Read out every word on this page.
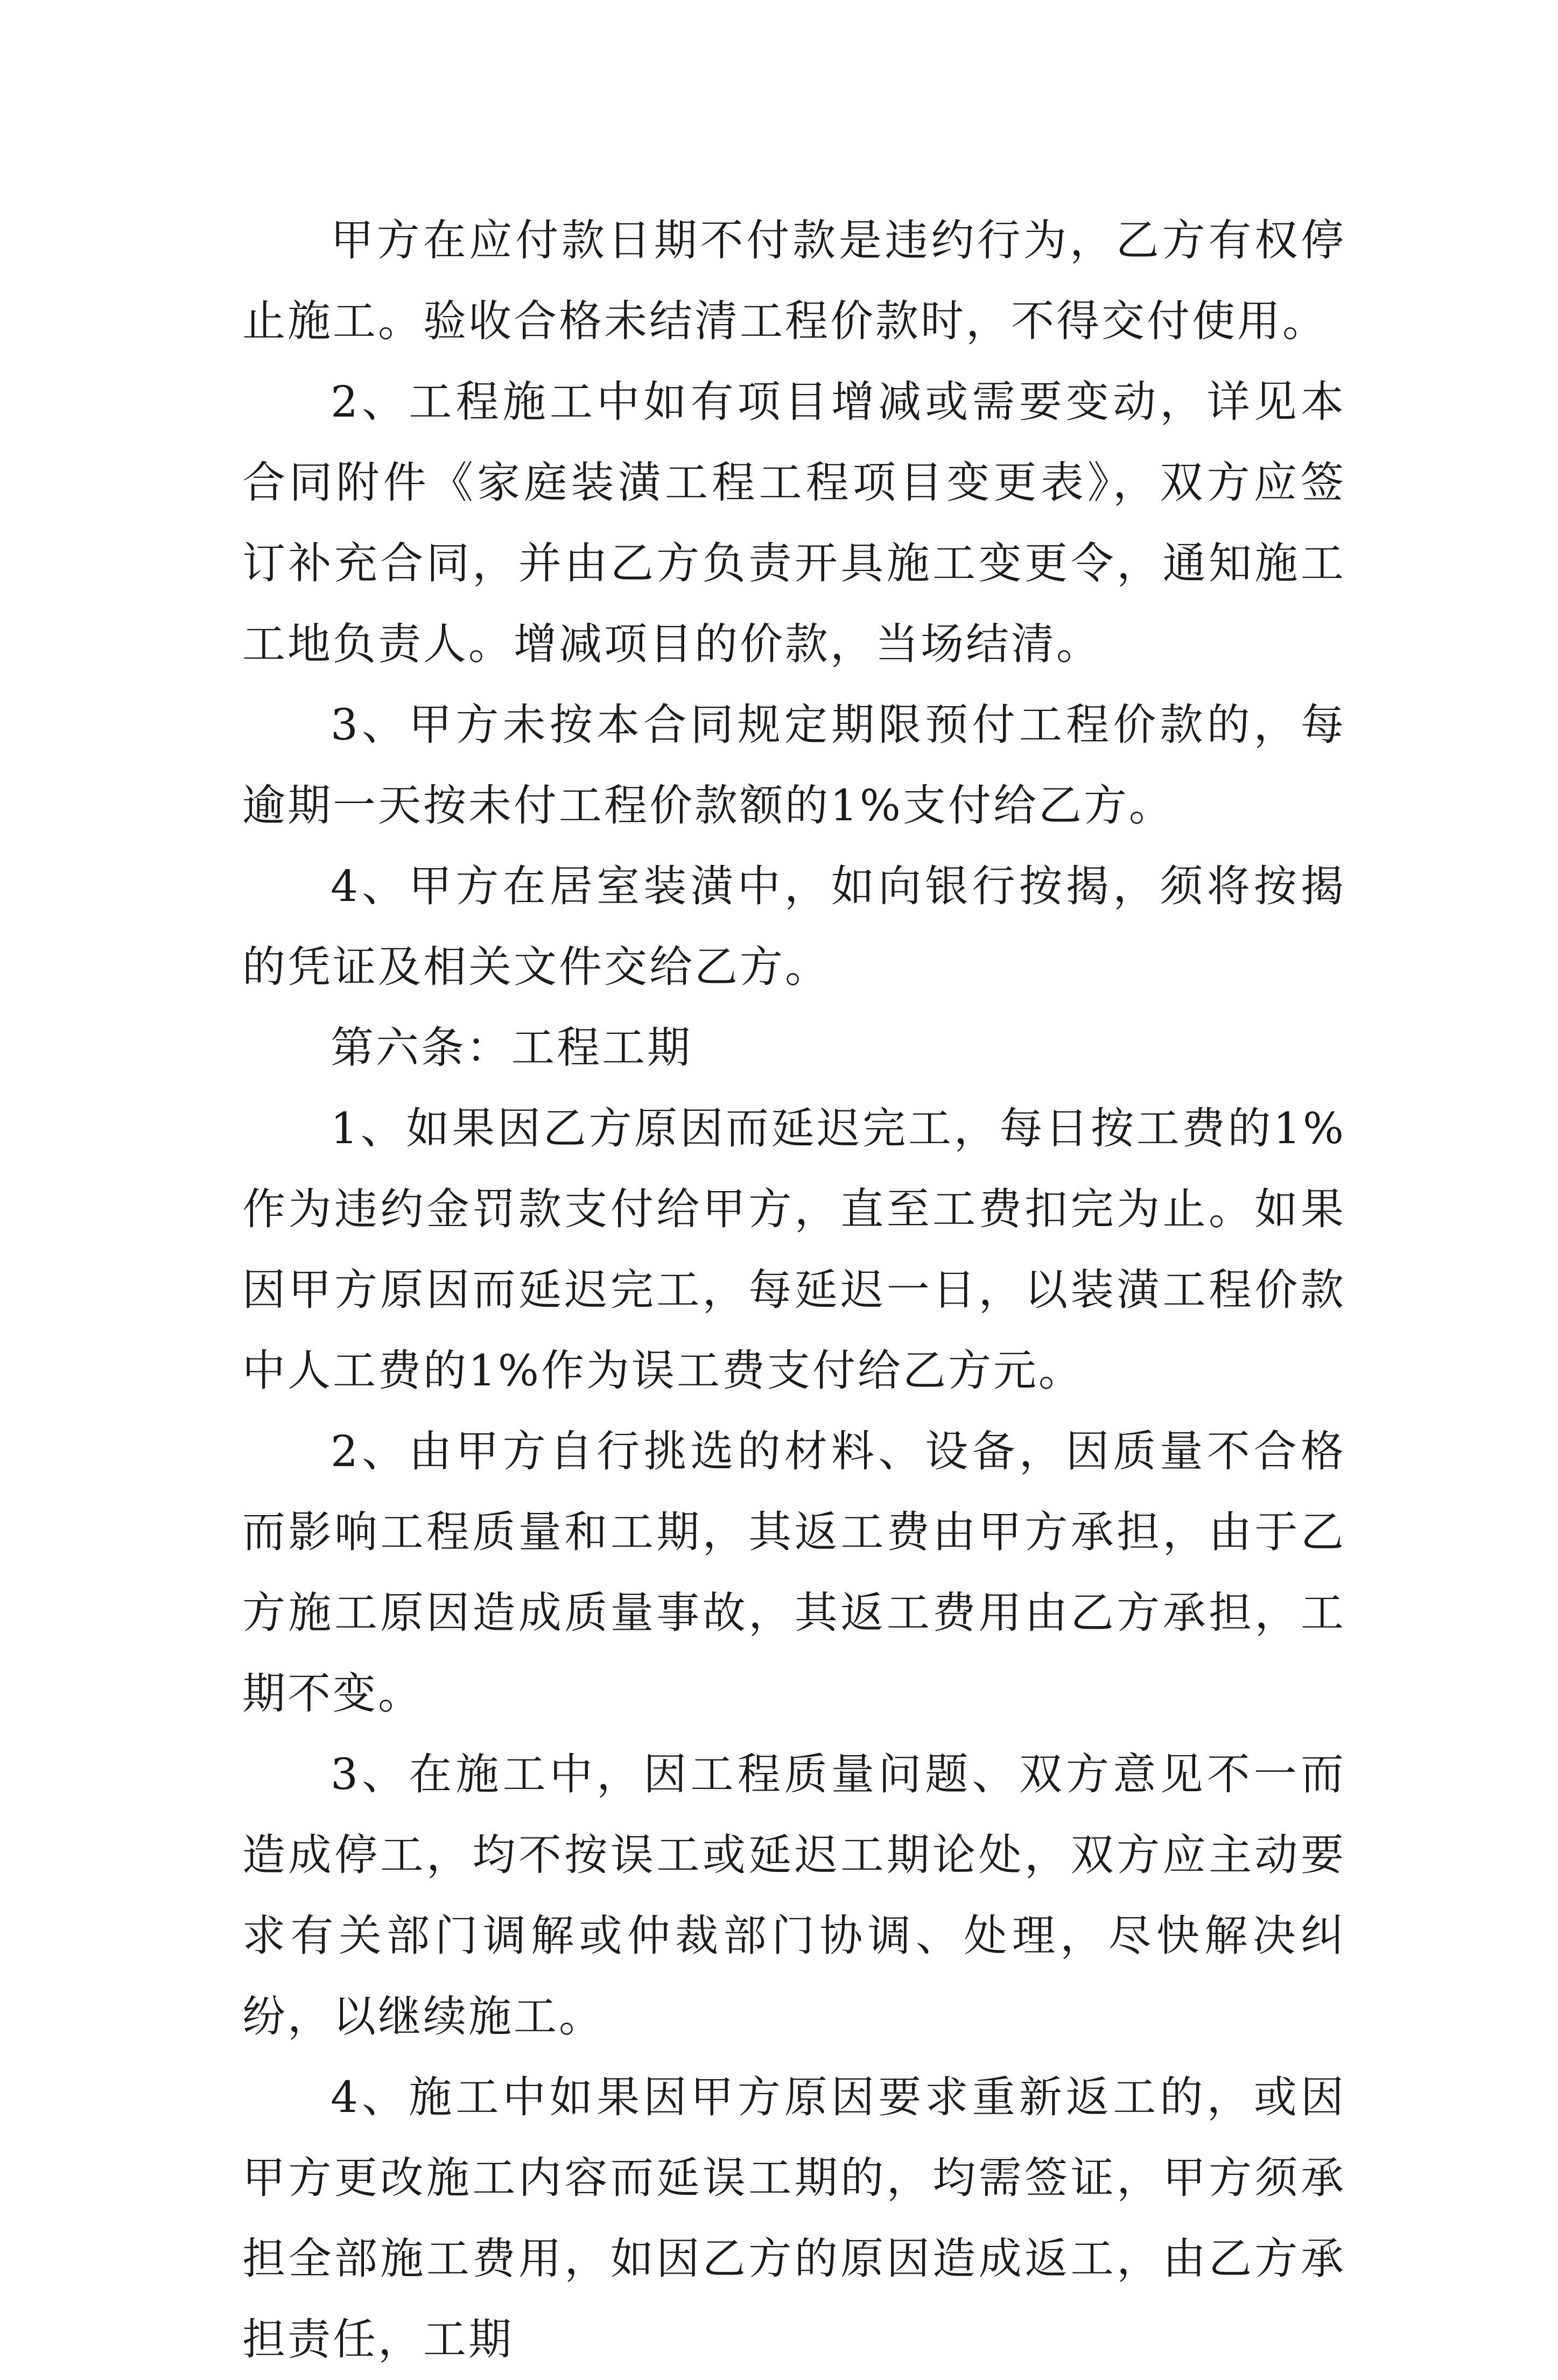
甲方在应付款日期不付款是违约行为，乙方有权停止施工。验收合格未结清工程价款时，不得交付使用。

2、工程施工中如有项目增减或需要变动，详见本合同附件《家庭装潢工程工程项目变更表》，双方应签订补充合同，并由乙方负责开具施工变更令，通知施工工地负责人。增减项目的价款，当场结清。

3、甲方未按本合同规定期限预付工程价款的，每逾期一天按未付工程价款额的1%支付给乙方。

4、甲方在居室装潢中，如向银行按揭，须将按揭的凭证及相关文件交给乙方。

第六条：工程工期

1、如果因乙方原因而延迟完工，每日按工费的1%作为违约金罚款支付给甲方，直至工费扣完为止。如果因甲方原因而延迟完工，每延迟一日，以装潢工程价款中人工费的1%作为误工费支付给乙方元。

2、由甲方自行挑选的材料、设备，因质量不合格而影响工程质量和工期，其返工费由甲方承担，由于乙方施工原因造成质量事故，其返工费用由乙方承担，工期不变。

3、在施工中，因工程质量问题、双方意见不一而造成停工，均不按误工或延迟工期论处，双方应主动要求有关部门调解或仲裁部门协调、处理，尽快解决纠纷，以继续施工。

4、施工中如果因甲方原因要求重新返工的，或因甲方更改施工内容而延误工期的，均需签证，甲方须承担全部施工费用，如因乙方的原因造成返工，由乙方承担责任，工期
